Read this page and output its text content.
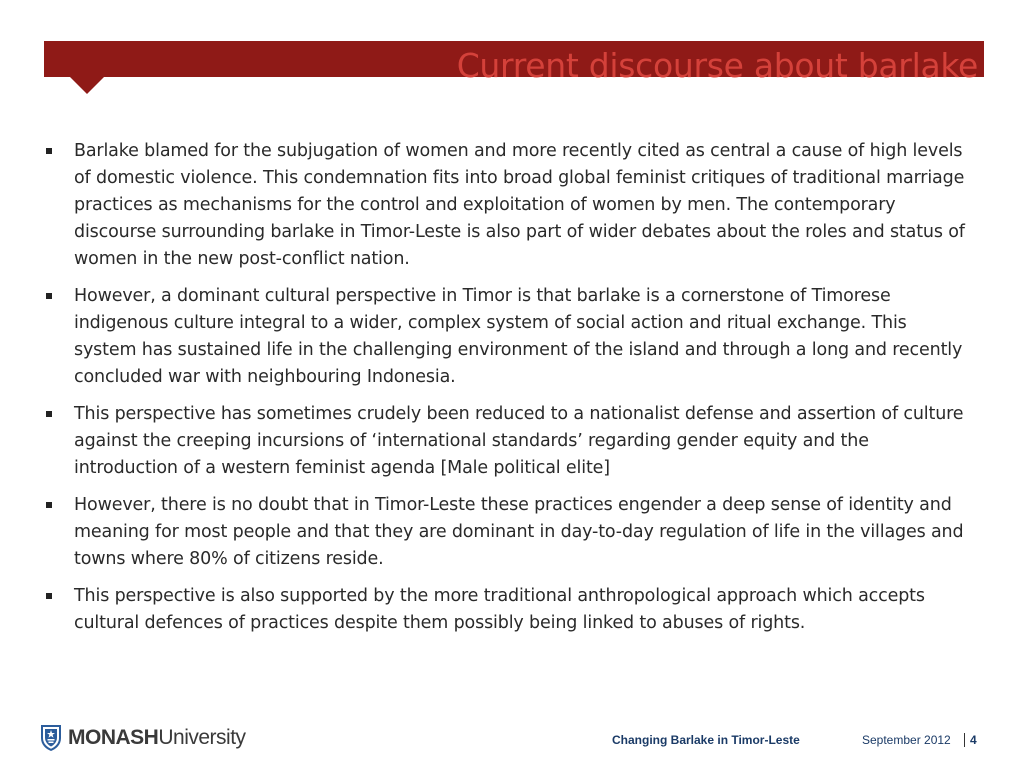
Current discourse about barlake
Barlake blamed for the subjugation of women and more recently cited as central a cause of high levels of domestic violence. This condemnation fits into broad global feminist critiques of traditional marriage practices as mechanisms for the control and exploitation of women by men. The contemporary discourse surrounding barlake in Timor-Leste is also part of wider debates about the roles and status of women in the new post-conflict nation.
However, a dominant cultural perspective in Timor is that barlake is a cornerstone of Timorese indigenous culture integral to a wider, complex system of social action and ritual exchange. This system has sustained life in the challenging environment of the island and through a long and recently concluded war with neighbouring Indonesia.
This perspective has sometimes crudely been reduced to a nationalist defense and assertion of culture against the creeping incursions of ‘international standards’ regarding gender equity and the introduction of a western feminist agenda [Male political elite]
However, there is no doubt that in Timor-Leste these practices engender a deep sense of identity and meaning for most people and that they are dominant in day-to-day regulation of life in the villages and towns where 80% of citizens reside.
This perspective is also supported by the more traditional anthropological approach which accepts cultural defences of practices despite them possibly being linked to abuses of rights.
MONASH University	Changing Barlake in Timor-Leste	September 2012 4
